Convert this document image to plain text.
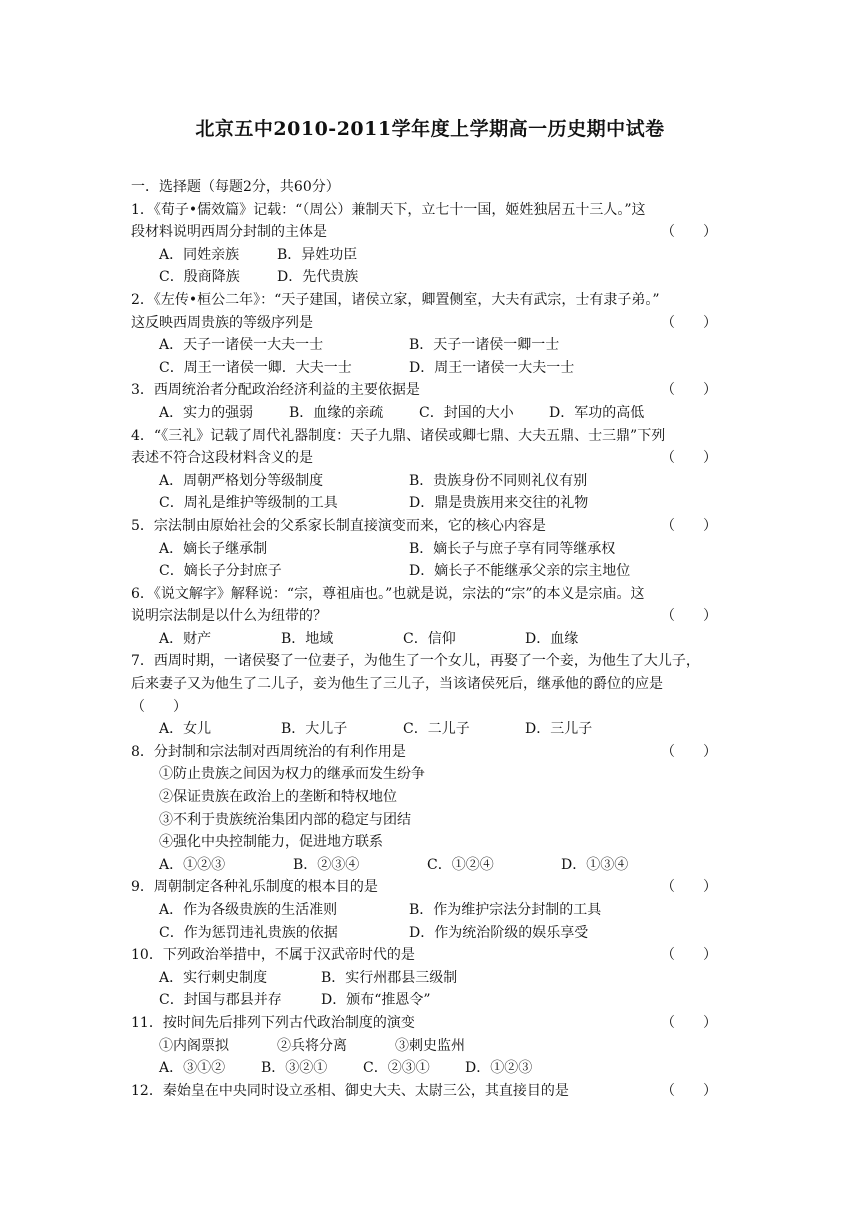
北京五中2010-2011学年度上学期高一历史期中试卷
一．选择题（每题2分，共60分）
1．《荀子•儒效篇》记载：“（周公）兼制天下，立七十一国，姬姓独居五十三人。”这
段材料说明西周分封制的主体是	（　　）
A．同姓亲族	B．异姓功臣
C．殷商降族	D．先代贵族
2．《左传•桓公二年》：“天子建国，诸侯立家，卿置侧室，大夫有武宗，士有隶子弟。”
这反映西周贵族的等级序列是	（　　）
A．天子一诸侯一大夫一士	B．天子一诸侯一卿一士
C．周王一诸侯一卿．大夫一士	D．周王一诸侯一大夫一士
3．西周统治者分配政治经济利益的主要依据是	（　　）
A．实力的强弱	B．血缘的亲疏	C．封国的大小	D．军功的高低
4．“《三礼》记载了周代礼器制度：天子九鼎、诸侯或卿七鼎、大夫五鼎、士三鼎”下列
表述不符合这段材料含义的是	（　　）
A．周朝严格划分等级制度	B．贵族身份不同则礼仪有别
C．周礼是维护等级制的工具	D．鼎是贵族用来交往的礼物
5．宗法制由原始社会的父系家长制直接演变而来，它的核心内容是	（　　）
A．嫡长子继承制	B．嫡长子与庶子享有同等继承权
C．嫡长子分封庶子	D．嫡长子不能继承父亲的宗主地位
6．《说文解字》解释说：“宗，尊祖庙也。”也就是说，宗法的“宗”的本义是宗庙。这
说明宗法制是以什么为纽带的？	（　　）
A．财产	B．地域	C．信仰	D．血缘
7．西周时期，一诸侯娶了一位妻子，为他生了一个女儿，再娶了一个妾，为他生了大儿子，
后来妻子又为他生了二儿子，妾为他生了三儿子，当该诸侯死后，继承他的爵位的应是
（　　）
A．女儿	B．大儿子	C．二儿子	D．三儿子
8．分封制和宗法制对西周统治的有利作用是	（　　）
①防止贵族之间因为权力的继承而发生纷争
②保证贵族在政治上的垄断和特权地位
③不利于贵族统治集团内部的稳定与团结
④强化中央控制能力，促进地方联系
A．①②③	B．②③④	C．①②④	D．①③④
9．周朝制定各种礼乐制度的根本目的是	（　　）
A．作为各级贵族的生活准则	B．作为维护宗法分封制的工具
C．作为惩罚违礼贵族的依据	D．作为统治阶级的娱乐享受
10．下列政治举措中，不属于汉武帝时代的是	（　　）
A．实行刺史制度	B．实行州郡县三级制
C．封国与郡县并存	D．颁布“推恩令”
11．按时间先后排列下列古代政治制度的演变	（　　）
①内阁票拟	②兵将分离	③刺史监州
A．③①②	B．③②①	C．②③①	D．①②③
12．秦始皇在中央同时设立丞相、御史大夫、太尉三公，其直接目的是	（　　）
